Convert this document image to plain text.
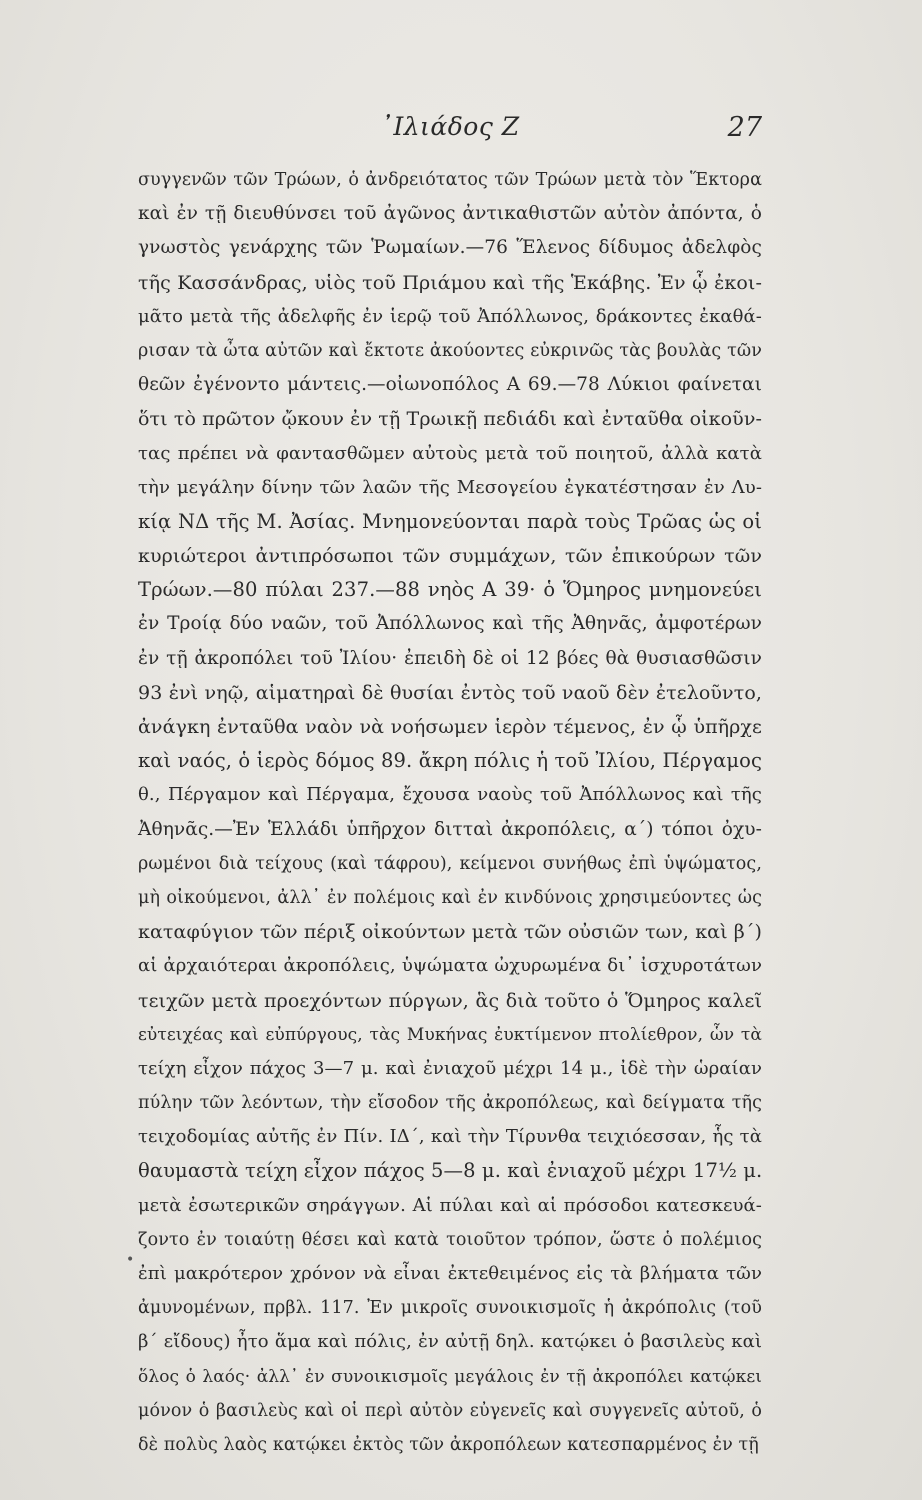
᾿Ιλιάδος Ζ	27
συγγενῶν τῶν Τρώων, ὁ ἀνδρειότατος τῶν Τρώων μετὰ τὸν Ἕκτορα
καὶ ἐν τῇ διευθύνσει τοῦ ἀγῶνος ἀντικαθιστῶν αὐτὸν ἀπόντα, ὁ
γνωστὸς γενάρχης τῶν Ῥωμαίων.—76 Ἕλενος δίδυμος ἀδελφὸς
τῆς Κασσάνδρας, υἱὸς τοῦ Πριάμου καὶ τῆς Ἑκάβης. Ἐν ᾧ ἐκοι-
μᾶτο μετὰ τῆς ἀδελφῆς ἐν ἱερῷ τοῦ Ἀπόλλωνος, δράκοντες ἐκαθά-
ρισαν τὰ ὦτα αὐτῶν καὶ ἔκτοτε ἀκούοντες εὐκρινῶς τὰς βουλὰς τῶν
θεῶν ἐγένοντο μάντεις.—οἰωνοπόλος Α 69.—78 Λύκιοι φαίνεται
ὅτι τὸ πρῶτον ᾤκουν ἐν τῇ Τρωικῇ πεδιάδι καὶ ἐνταῦθα οἰκοῦν-
τας πρέπει νὰ φαντασθῶμεν αὐτοὺς μετὰ τοῦ ποιητοῦ, ἀλλὰ κατὰ
τὴν μεγάλην δίνην τῶν λαῶν τῆς Μεσογείου ἐγκατέστησαν ἐν Λυ-
κίᾳ ΝΔ τῆς Μ. Ἀσίας. Μνημονεύονται παρὰ τοὺς Τρῶας ὡς οἱ
κυριώτεροι ἀντιπρόσωποι τῶν συμμάχων, τῶν ἐπικούρων τῶν
Τρώων.—80 πύλαι 237.—88 νηὸς Α 39· ὁ Ὅμηρος μνημονεύει
ἐν Τροίᾳ δύο ναῶν, τοῦ Ἀπόλλωνος καὶ τῆς Ἀθηνᾶς, ἀμφοτέρων
ἐν τῇ ἀκροπόλει τοῦ Ἰλίου· ἐπειδὴ δὲ οἱ 12 βόες θὰ θυσιασθῶσιν
93 ἐνὶ νηῷ, αἱματηραὶ δὲ θυσίαι ἐντὸς τοῦ ναοῦ δὲν ἐτελοῦντο,
ἀνάγκη ἐνταῦθα ναὸν νὰ νοήσωμεν ἱερὸν τέμενος, ἐν ᾧ ὑπῆρχε
καὶ ναός, ὁ ἱερὸς δόμος 89. ἄκρη πόλις ἡ τοῦ Ἰλίου, Πέργαμος
θ., Πέργαμον καὶ Πέργαμα, ἔχουσα ναοὺς τοῦ Ἀπόλλωνος καὶ τῆς
Ἀθηνᾶς.—Ἐν Ἑλλάδι ὑπῆρχον διτταὶ ἀκροπόλεις, α΄) τόποι ὀχυ-
ρωμένοι διὰ τείχους (καὶ τάφρου), κείμενοι συνήθως ἐπὶ ὑψώματος,
μὴ οἰκούμενοι, ἀλλ᾿ ἐν πολέμοις καὶ ἐν κινδύνοις χρησιμεύοντες ὡς
καταφύγιον τῶν πέριξ οἰκούντων μετὰ τῶν οὐσιῶν των, καὶ β΄)
αἱ ἀρχαιότεραι ἀκροπόλεις, ὑψώματα ὠχυρωμένα δι᾿ ἰσχυροτάτων
τειχῶν μετὰ προεχόντων πύργων, ἃς διὰ τοῦτο ὁ Ὅμηρος καλεῖ
εὐτειχέας καὶ εὐπύργους, τὰς Μυκήνας ἐυκτίμενον πτολίεθρον, ὧν τὰ
τείχη εἶχον πάχος 3—7 μ. καὶ ἐνιαχοῦ μέχρι 14 μ., ἰδὲ τὴν ὡραίαν
πύλην τῶν λεόντων, τὴν εἴσοδον τῆς ἀκροπόλεως, καὶ δείγματα τῆς
τειχοδομίας αὐτῆς ἐν Πίν. ΙΔ΄, καὶ τὴν Τίρυνθα τειχιόεσσαν, ἧς τὰ
θαυμαστὰ τείχη εἶχον πάχος 5—8 μ. καὶ ἐνιαχοῦ μέχρι 17½ μ.
μετὰ ἐσωτερικῶν σηράγγων. Αἱ πύλαι καὶ αἱ πρόσοδοι κατεσκευά-
ζοντο ἐν τοιαύτῃ θέσει καὶ κατὰ τοιοῦτον τρόπον, ὥστε ὁ πολέμιος
ἐπὶ μακρότερον χρόνον νὰ εἶναι ἐκτεθειμένος εἰς τὰ βλήματα τῶν
ἀμυνομένων, πρβλ. 117. Ἐν μικροῖς συνοικισμοῖς ἡ ἀκρόπολις (τοῦ
β΄ εἴδους) ἦτο ἅμα καὶ πόλις, ἐν αὐτῇ δηλ. κατῴκει ὁ βασιλεὺς καὶ
ὅλος ὁ λαός· ἀλλ᾿ ἐν συνοικισμοῖς μεγάλοις ἐν τῇ ἀκροπόλει κατῴκει
μόνον ὁ βασιλεὺς καὶ οἱ περὶ αὐτὸν εὐγενεῖς καὶ συγγενεῖς αὐτοῦ, ὁ
δὲ πολὺς λαὸς κατῴκει ἐκτὸς τῶν ἀκροπόλεων κατεσπαρμένος ἐν τῇ
•
